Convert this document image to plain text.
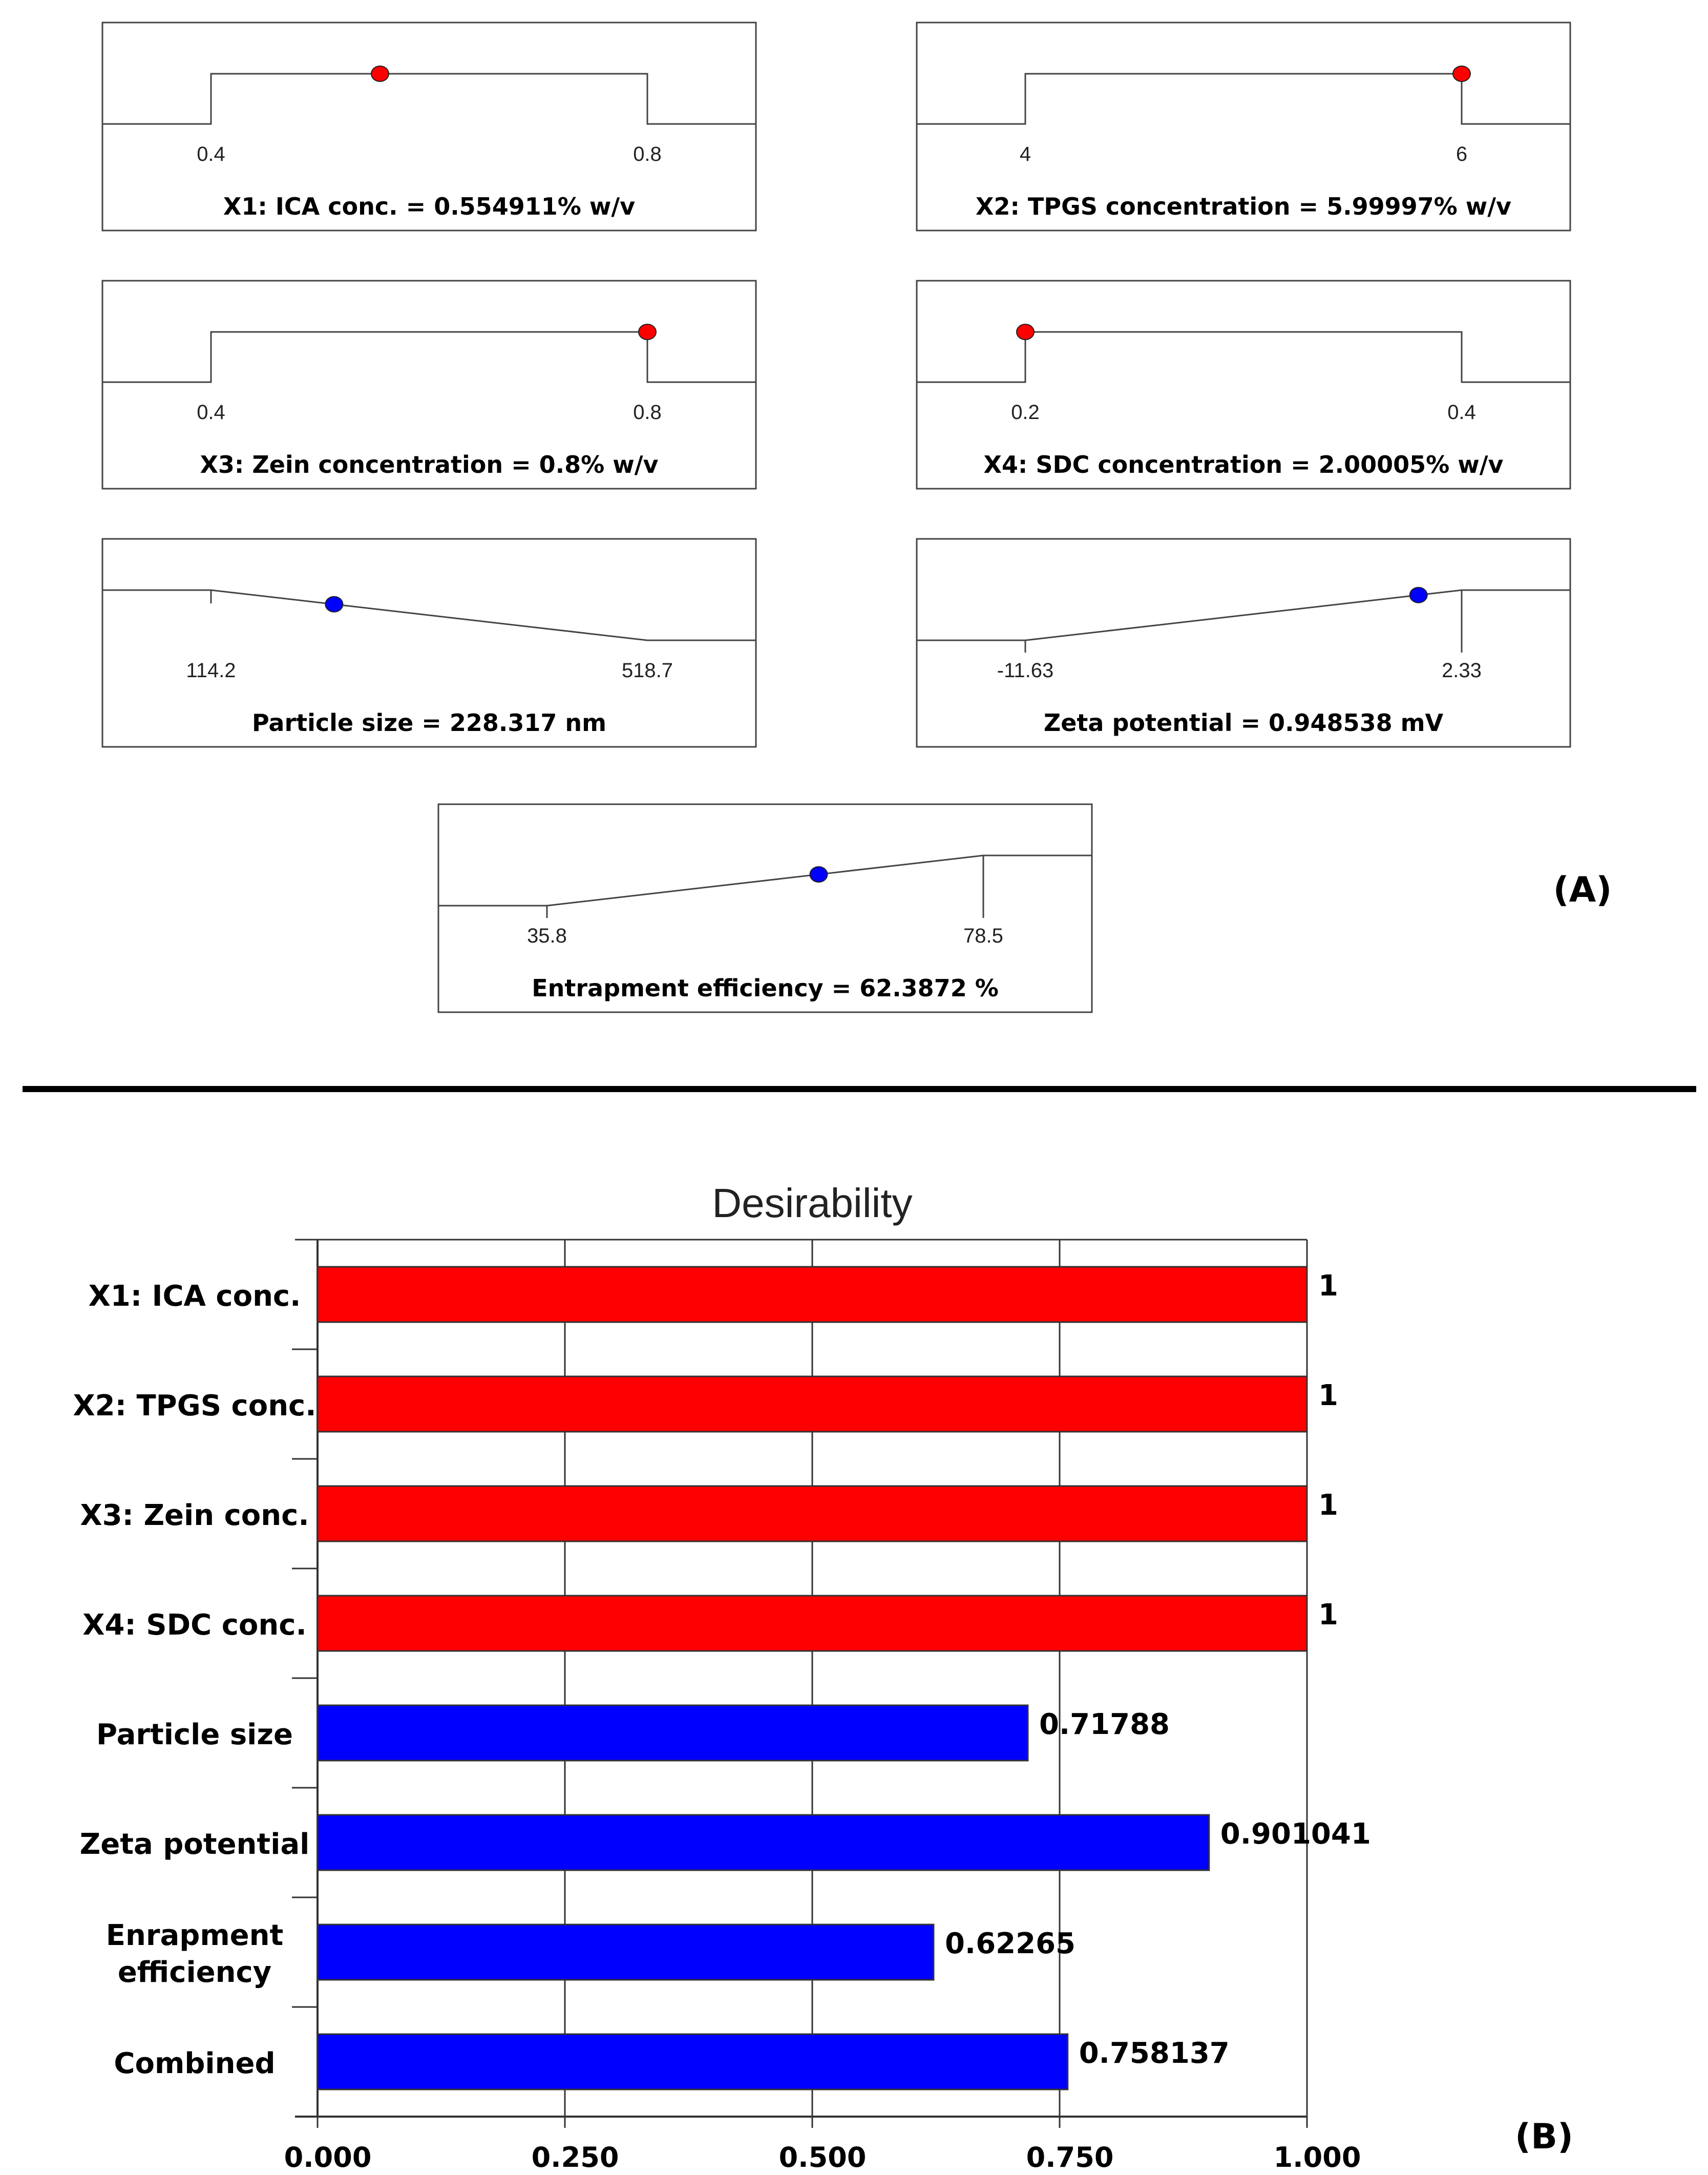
0.4	0.8
X1: ICA conc. = 0.554911% w/v
4	6
X2: TPGS concentration = 5.99997% w/v
0.4	0.8
X3: Zein concentration = 0.8% w/v
0.2	0.4
X4: SDC concentration = 2.00005% w/v
114.2	518.7
Particle size = 228.317 nm
-11.63	2.33
Zeta potential = 0.948538 mV
35.8	78.5
Entrapment efficiency = 62.3872 %
(A)
Desirability
0.000	0.250	0.500	0.750	1.000
1
X1: ICA conc.
1
X2: TPGS conc.
1
X3: Zein conc.
1
X4: SDC conc.
0.71788
Particle size
0.901041
Zeta potential
0.62265
Enrapment efficiency
0.758137
Combined
(B)
